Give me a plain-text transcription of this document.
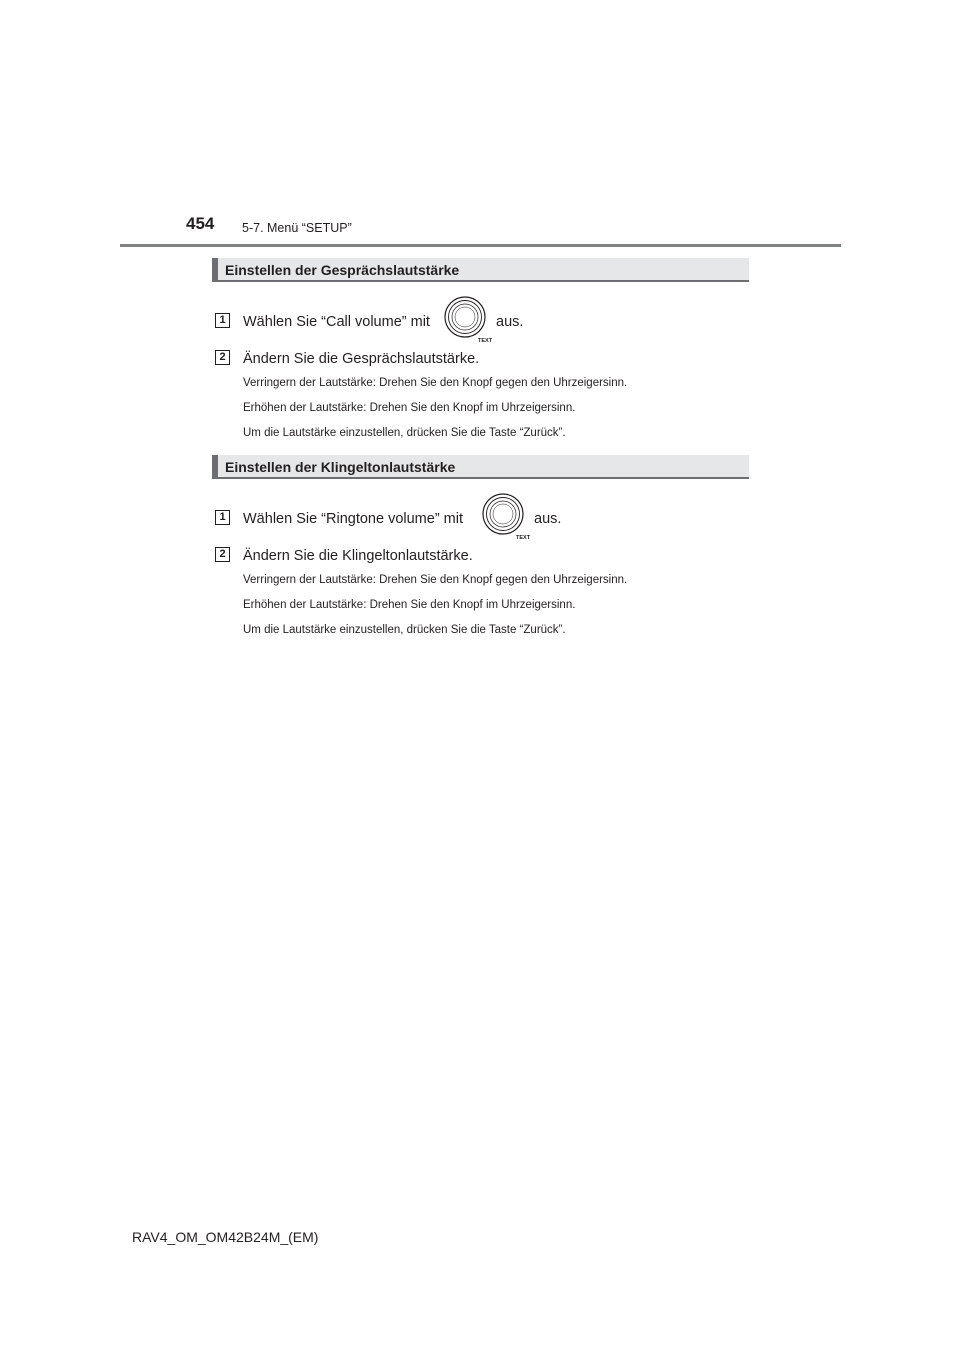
454 5-7. Menü “SETUP”
Einstellen der Gesprächslautstärke
1	Wählen Sie “Call volume” mit
TEXT
aus.
2	Ändern Sie die Gesprächslautstärke.
Verringern der Lautstärke: Drehen Sie den Knopf gegen den Uhrzeigersinn.
Erhöhen der Lautstärke: Drehen Sie den Knopf im Uhrzeigersinn.
Um die Lautstärke einzustellen, drücken Sie die Taste “Zurück”.
Einstellen der Klingeltonlautstärke
1	Wählen Sie “Ringtone volume” mit
TEXT
aus.
2	Ändern Sie die Klingeltonlautstärke.
Verringern der Lautstärke: Drehen Sie den Knopf gegen den Uhrzeigersinn.
Erhöhen der Lautstärke: Drehen Sie den Knopf im Uhrzeigersinn.
Um die Lautstärke einzustellen, drücken Sie die Taste “Zurück”.
RAV4_OM_OM42B24M_(EM)
